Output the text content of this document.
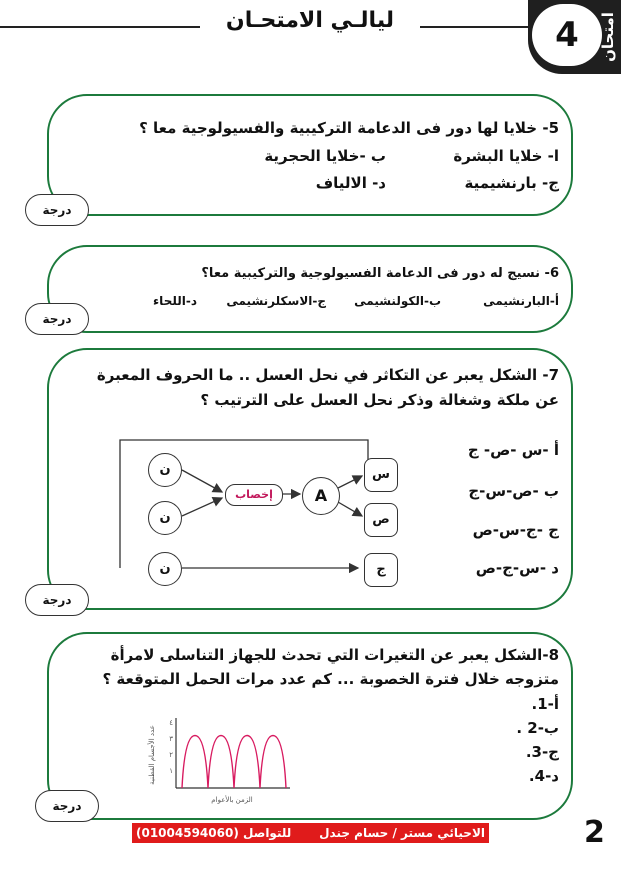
ليالـي الامتحـان	4	امتحان
5- خلايا لها دور فى الدعامة التركيبية والفسيولوجية معا ؟
ا- خلايا البشرة
ب -خلايا الحجرية
ج- بارنشيمية
د- الالياف
درجة
6- نسيج له دور فى الدعامة الفسيولوجية والتركيبية معا؟
أ-البارنشيمى
ب-الكولنشيمى
ج-الاسكلرنشيمى
د-اللحاء
درجة
7- الشكل يعبر عن التكاثر في نحل العسل .. ما الحروف المعبرة
عن ملكة وشغالة وذكر نحل العسل على الترتيب ؟
ن
ن
ن
إخصاب	A
س
ص
ج
أ -س -ص- ج
ب -ص-س-ج
ج -ج-س-ص
د -س-ج-ص
درجة
8-الشكل يعبر عن التغيرات التي تحدث للجهاز التناسلى لامرأة
متزوجه خلال فترة الخصوبة ... كم عدد مرات الحمل المتوقعة ؟
أ-1.
ب-2 .
ج-3.
د-4.
٤
٣
٢
١
عدد الأجسام القطنية
الزمن بالأعوام
درجة
للتواصل (01004594060) الاحيائي مستر / حسام جندل	2
